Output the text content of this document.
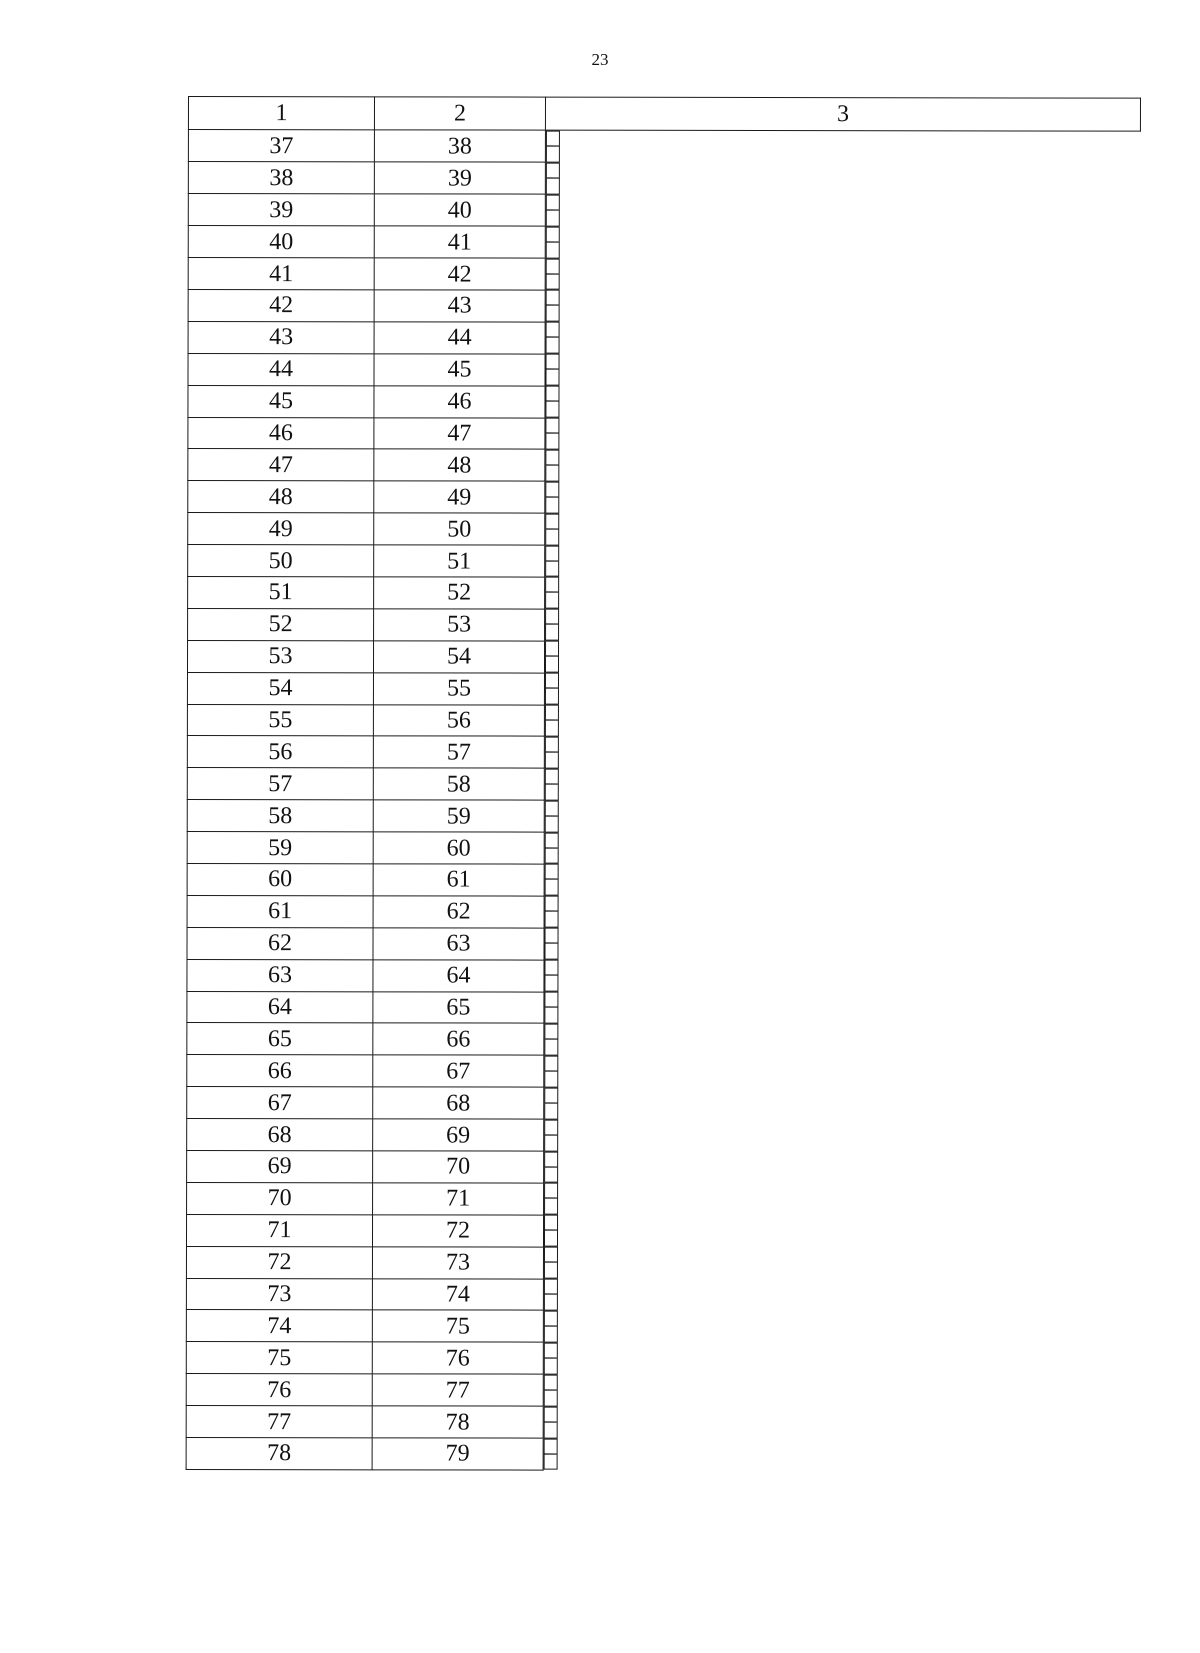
23
1	2	3
37	38		–
38	39		–
39	40		–
40	41		–
41	42		–
42	43		–
43	44		–
44	45		–
45	46		–
46	47		–
47	48		–
48	49		–
49	50		–
50	51		–
51	52		–
52	53		–
53	54		–
54	55		–
55	56		–
56	57		–
57	58		–
58	59		–
59	60		–
60	61		–
61	62		–
62	63		–
63	64		–
64	65		–
65	66		–
66	67		–
67	68		–
68	69		–
69	70		–
70	71		–
71	72		–
72	73		–
73	74		–
74	75		–
75	76		–
76	77		–
77	78		–
78	79		–
